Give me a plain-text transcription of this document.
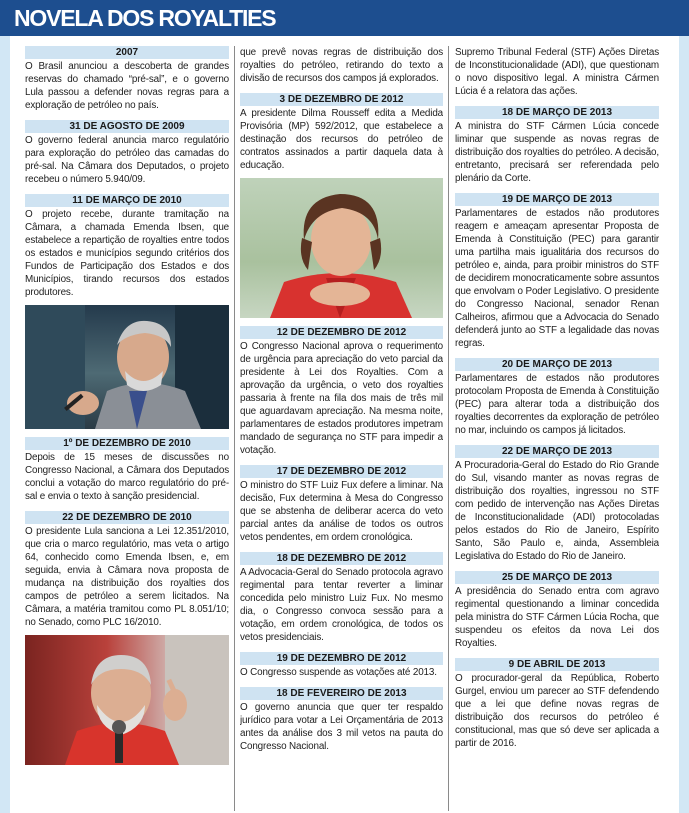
NOVELA DOS ROYALTIES
2007

O Brasil anunciou a descoberta de grandes reservas do chamado “pré-sal”, e o governo Lula passou a defender novas regras para a exploração de petróleo no país.

31 DE AGOSTO DE 2009

O governo federal anuncia marco regulatório para exploração do petróleo das camadas do pré-sal. Na Câmara dos Deputados, o projeto recebeu o número 5.940/09.

11 DE MARÇO DE 2010

O projeto recebe, durante tramitação na Câmara, a chamada Emenda Ibsen, que estabelece a repartição de royalties entre todos os estados e municípios segundo critérios dos Fundos de Participação dos Estados e dos Municípios, tirando recursos dos estados produtores.

1º DE DEZEMBRO DE 2010

Depois de 15 meses de discussões no Congresso Nacional, a Câmara dos Deputados conclui a votação do marco regulatório do pré-sal e envia o texto à sanção presidencial.

22 DE DEZEMBRO DE 2010

O presidente Lula sanciona a Lei 12.351/2010, que cria o marco regulatório, mas veta o artigo 64, conhecido como Emenda Ibsen, e, em seguida, envia à Câmara nova proposta de mudança na distribuição dos royalties dos campos de petróleo a serem licitados. Na Câmara, a matéria tramitou como PL 8.051/10; no Senado, como PLC 16/2010.

que prevê novas regras de distribuição dos royalties do petróleo, retirando do texto a divisão de recursos dos campos já explorados.

3 DE DEZEMBRO DE 2012

A presidente Dilma Rousseff edita a Medida Provisória (MP) 592/2012, que estabelece a destinação dos recursos do petróleo de contratos assinados a partir daquela data à educação.

12 DE DEZEMBRO DE 2012

O Congresso Nacional aprova o requerimento de urgência para apreciação do veto parcial da presidente à Lei dos Royalties. Com a aprovação da urgência, o veto dos royalties passaria à frente na fila dos mais de três mil que aguardavam apreciação. Na mesma noite, parlamentares de estados produtores impetram mandado de segurança no STF para impedir a votação.

17 DE DEZEMBRO DE 2012

O ministro do STF Luiz Fux defere a liminar. Na decisão, Fux determina à Mesa do Congresso que se abstenha de deliberar acerca do veto parcial antes da análise de todos os outros vetos pendentes, em ordem cronológica.

18 DE DEZEMBRO DE 2012

A Advocacia-Geral do Senado protocola agravo regimental para tentar reverter a liminar concedida pelo ministro Luiz Fux. No mesmo dia, o Congresso convoca sessão para a votação, em ordem cronológica, de todos os vetos presidenciais.

19 DE DEZEMBRO DE 2012

O Congresso suspende as votações até 2013.

18 DE FEVEREIRO DE 2013

O governo anuncia que quer ter respaldo jurídico para votar a Lei Orçamentária de 2013 antes da análise dos 3 mil vetos na pauta do Congresso Nacional.

Supremo Tribunal Federal (STF) Ações Diretas de Inconstitucionalidade (ADI), que questionam o novo dispositivo legal. A ministra Cármen Lúcia é a relatora das ações.

18 DE MARÇO DE 2013

A ministra do STF Cármen Lúcia concede liminar que suspende as novas regras de distribuição dos royalties do petróleo. A decisão, entretanto, precisará ser referendada pelo plenário da Corte.

19 DE MARÇO DE 2013

Parlamentares de estados não produtores reagem e ameaçam apresentar Proposta de Emenda à Constituição (PEC) para garantir uma partilha mais igualitária dos recursos do petróleo e, ainda, para proibir ministros do STF de decidirem monocraticamente sobre assuntos que envolvam o Poder Legislativo. O presidente do Congresso Nacional, senador Renan Calheiros, afirmou que a Advocacia do Senado defenderá junto ao STF a legalidade das novas regras.

20 DE MARÇO DE 2013

Parlamentares de estados não produtores protocolam Proposta de Emenda à Constituição (PEC) para alterar toda a distribuição dos royalties decorrentes da exploração de petróleo no mar, incluindo os campos já licitados.

22 DE MARÇO DE 2013

A Procuradoria-Geral do Estado do Rio Grande do Sul, visando manter as novas regras de distribuição dos royalties, ingressou no STF com pedido de intervenção nas Ações Diretas de Inconstitucionalidade (ADI) protocoladas pelos estados do Rio de Janeiro, Espírito Santo, São Paulo e, ainda, Assembleia Legislativa do Estado do Rio de Janeiro.

25 DE MARÇO DE 2013

A presidência do Senado entra com agravo regimental questionando a liminar concedida pela ministra do STF Cármen Lúcia Rocha, que suspendeu os efeitos da nova Lei dos Royalties.

9 DE ABRIL DE 2013

O procurador-geral da República, Roberto Gurgel, enviou um parecer ao STF defendendo que a lei que define novas regras de distribuição dos recursos do petróleo é constitucional, mas que só deve ser aplicada a partir de 2016.
